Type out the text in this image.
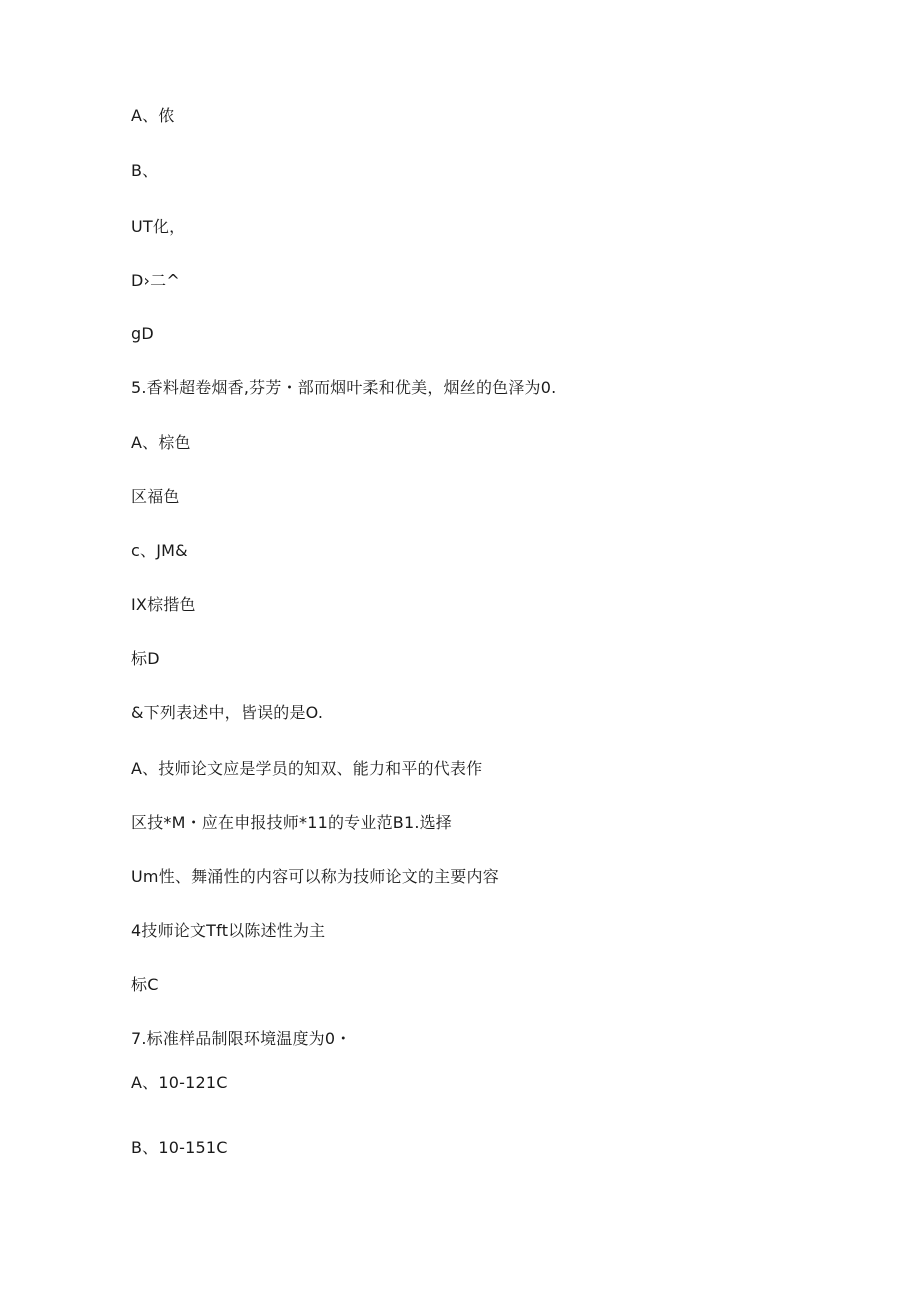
A、侬
B、
UT化，
D›二^
gD
5.香料超卷烟香,芬芳・部而烟叶柔和优美，烟丝的色泽为0.
A、棕色
区福色
c、JM&
IX棕揩色
标D
&下列表述中，皆误的是O.
A、技师论文应是学员的知双、能力和平的代表作
区技*M・应在申报技师*11的专业范B1.选择
Um性、舞涌性的内容可以称为技师论文的主要内容
4技师论文Tft以陈述性为主
标C
7.标准样品制限环境温度为0・
A、10-121C
B、10-151C
